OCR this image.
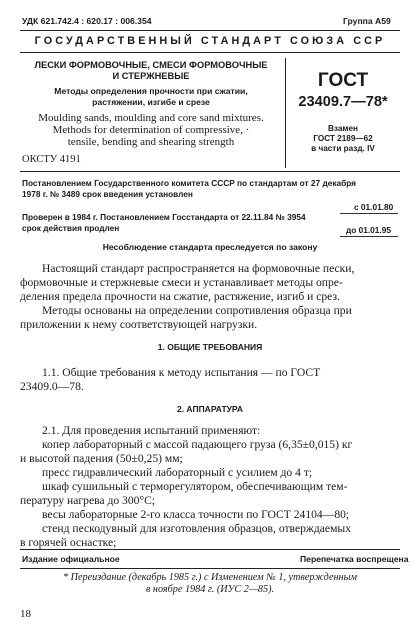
УДК 621.742.4 : 620.17 : 006.354	Группа А59
ГОСУДАРСТВЕННЫЙ СТАНДАРТ СОЮЗА ССР
ЛЕСКИ ФОРМОВОЧНЫЕ, СМЕСИ ФОРМОВОЧНЫЕ
И СТЕРЖНЕВЫЕ
Методы определения прочности при сжатии,
растяжении, изгибе и срезе
Moulding sands, moulding and core sand mixtures.
Methods for determination of compressive, ·
tensile, bending and shearing strength
ОКСТУ 4191
ГОСТ
23409.7—78*
Взамен
ГОСТ 2189—62
в части разд. IV
Постановлением Государственного комитета СССР по стандартам от 27 декабря
1978 г. № 3489 срок введения установлен
с 01.01.80
Проверен в 1984 г. Постановлением Госстандарта от 22.11.84 № 3954
срок действия продлен	до 01.01.95
Несоблюдение стандарта преследуется по закону
Настоящий стандарт распространяется на формовочные пески,
формовочные и стержневые смеси и устанавливает методы опре-
деления предела прочности на сжатие, растяжение, изгиб и срез.
Методы основаны на определении сопротивления образца при
приложении к нему соответствующей нагрузки.
1. ОБЩИЕ ТРЕБОВАНИЯ
1.1. Общие требования к методу испытания — по ГОСТ
23409.0—78.
2. АППАРАТУРА
2.1. Для проведения испытаний применяют:
копер лабораторный с массой падающего груза (6,35±0,015) кг
и высотой падения (50±0,25) мм;
пресс гидравлический лабораторный с усилием до 4 т;
шкаф сушильный с терморегулятором, обеспечивающим тем-
пературу нагрева до 300°С;
весы лабораторные 2-го класса точности по ГОСТ 24104—80;
стенд пескодувный для изготовления образцов, отверждаемых
в горячей оснастке;
Издание официальное	Перепечатка воспрещена
* Переиздание (декабрь 1985 г.) с Изменением № 1, утвержденным
в ноябре 1984 г. (ИУС 2—85).
18
